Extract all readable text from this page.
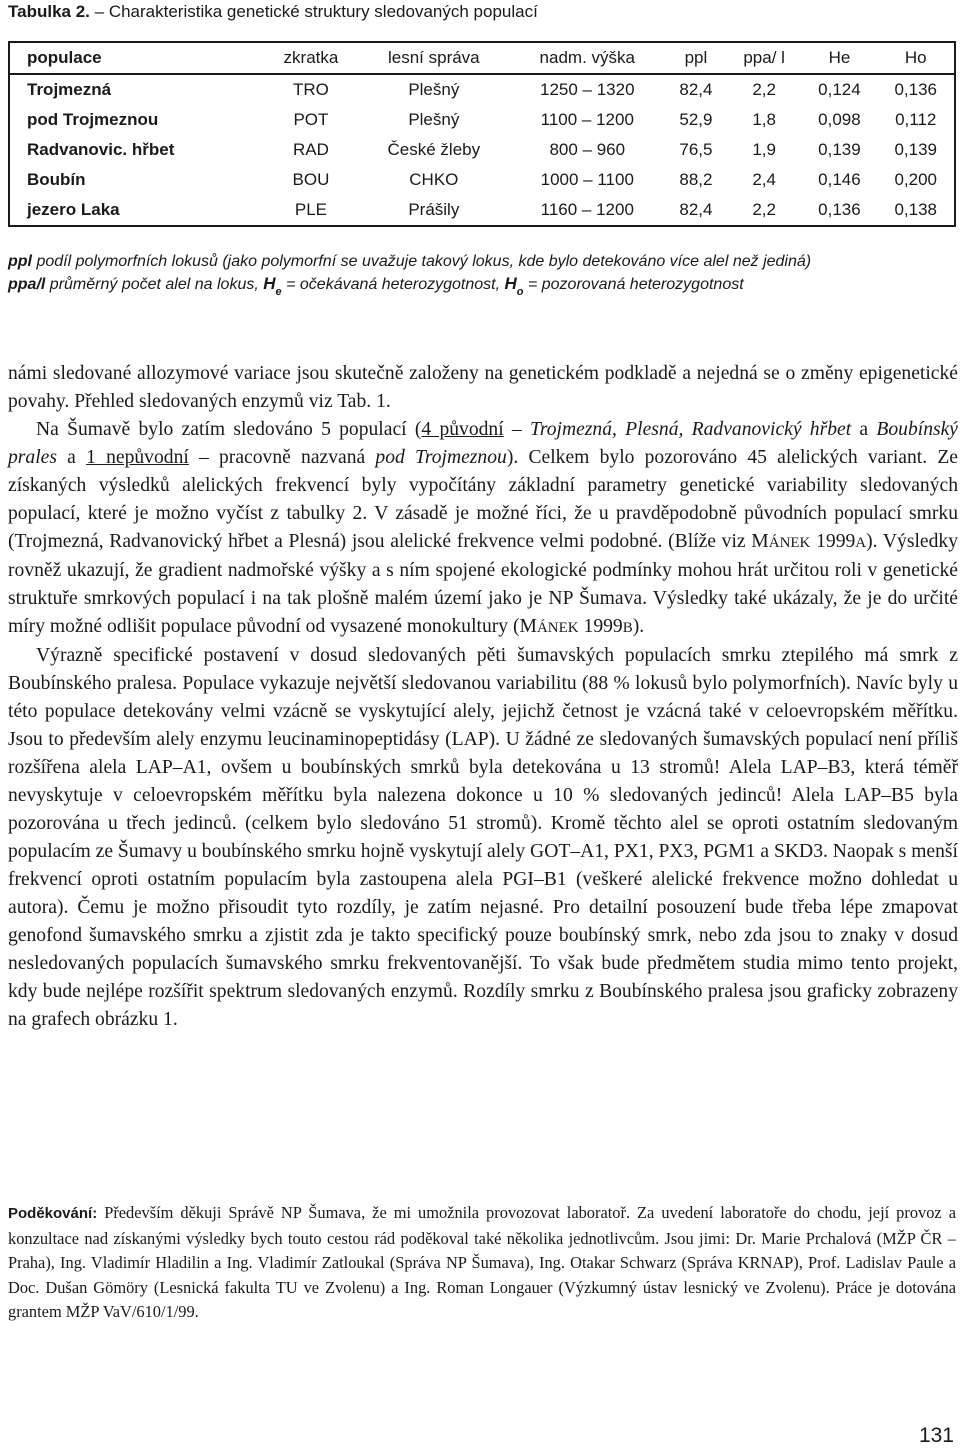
Tabulka 2. – Charakteristika genetické struktury sledovaných populací
populace	zkratka	lesní správa	nadm. výška	ppl	ppa/ l	He	Ho
Trojmezná	TRO	Plešný	1250 – 1320	82,4	2,2	0,124	0,136
pod Trojmeznou	POT	Plešný	1100 – 1200	52,9	1,8	0,098	0,112
Radvanovic. hřbet	RAD	České žleby	800 – 960	76,5	1,9	0,139	0,139
Boubín	BOU	CHKO	1000 – 1100	88,2	2,4	0,146	0,200
jezero Laka	PLE	Prášily	1160 – 1200	82,4	2,2	0,136	0,138
ppl podíl polymorfních lokusů (jako polymorfní se uvažuje takový lokus, kde bylo detekováno více alel než jediná)
ppa/l průměrný počet alel na lokus, $H_e$ = očekávaná heterozygotnost, $H_o$ = pozorovaná heterozygotnost

námi sledované allozymové variace jsou skutečně založeny na genetickém podkladě a nejedná se o změny epigenetické povahy. Přehled sledovaných enzymů viz Tab. 1.

Na Šumavě bylo zatím sledováno 5 populací (4 původní – Trojmezná, Plesná, Radvanovický hřbet a Boubínský prales a 1 nepůvodní – pracovně nazvaná pod Trojmeznou). Celkem bylo pozorováno 45 alelických variant. Ze získaných výsledků alelických frekvencí byly vypočítány základní parametry genetické variability sledovaných populací, které je možno vyčíst z tabulky 2. V zásadě je možné říci, že u pravděpodobně původních populací smrku (Trojmezná, Radvanovický hřbet a Plesná) jsou alelické frekvence velmi podobné. (Blíže viz MÁNEK 1999A). Výsledky rovněž ukazují, že gradient nadmořské výšky a s ním spojené ekologické podmínky mohou hrát určitou roli v genetické struktuře smrkových populací i na tak plošně malém území jako je NP Šumava. Výsledky také ukázaly, že je do určité míry možné odlišit populace původní od vysazené monokultury (MÁNEK 1999B).

Výrazně specifické postavení v dosud sledovaných pěti šumavských populacích smrku ztepilého má smrk z Boubínského pralesa. Populace vykazuje největší sledovanou variabilitu (88 % lokusů bylo polymorfních). Navíc byly u této populace detekovány velmi vzácně se vyskytující alely, jejichž četnost je vzácná také v celoevropském měřítku. Jsou to především alely enzymu leucinaminopeptidásy (LAP). U žádné ze sledovaných šumavských populací není příliš rozšířena alela LAP–A1, ovšem u boubínských smrků byla detekována u 13 stromů! Alela LAP–B3, která téměř nevyskytuje v celoevropském měřítku byla nalezena dokonce u 10 % sledovaných jedinců! Alela LAP–B5 byla pozorována u třech jedinců. (celkem bylo sledováno 51 stromů). Kromě těchto alel se oproti ostatním sledovaným populacím ze Šumavy u boubínského smrku hojně vyskytují alely GOT–A1, PX1, PX3, PGM1 a SKD3. Naopak s menší frekvencí oproti ostatním populacím byla zastoupena alela PGI–B1 (veškeré alelické frekvence možno dohledat u autora). Čemu je možno přisoudit tyto rozdíly, je zatím nejasné. Pro detailní posouzení bude třeba lépe zmapovat genofond šumavského smrku a zjistit zda je takto specifický pouze boubínský smrk, nebo zda jsou to znaky v dosud nesledovaných populacích šumavského smrku frekventovanější. To však bude předmětem studia mimo tento projekt, kdy bude nejlépe rozšířit spektrum sledovaných enzymů. Rozdíly smrku z Boubínského pralesa jsou graficky zobrazeny na grafech obrázku 1.

Poděkování: Především děkuji Správě NP Šumava, že mi umožnila provozovat laboratoř. Za uvedení laboratoře do chodu, její provoz a konzultace nad získanými výsledky bych touto cestou rád poděkoval také několika jednotlivcům. Jsou jimi: Dr. Marie Prchalová (MŽP ČR – Praha), Ing. Vladimír Hladilin a Ing. Vladimír Zatloukal (Správa NP Šumava), Ing. Otakar Schwarz (Správa KRNAP), Prof. Ladislav Paule a Doc. Dušan Gömöry (Lesnická fakulta TU ve Zvolenu) a Ing. Roman Longauer (Výzkumný ústav lesnický ve Zvolenu). Práce je dotována grantem MŽP VaV/610/1/99.
131
